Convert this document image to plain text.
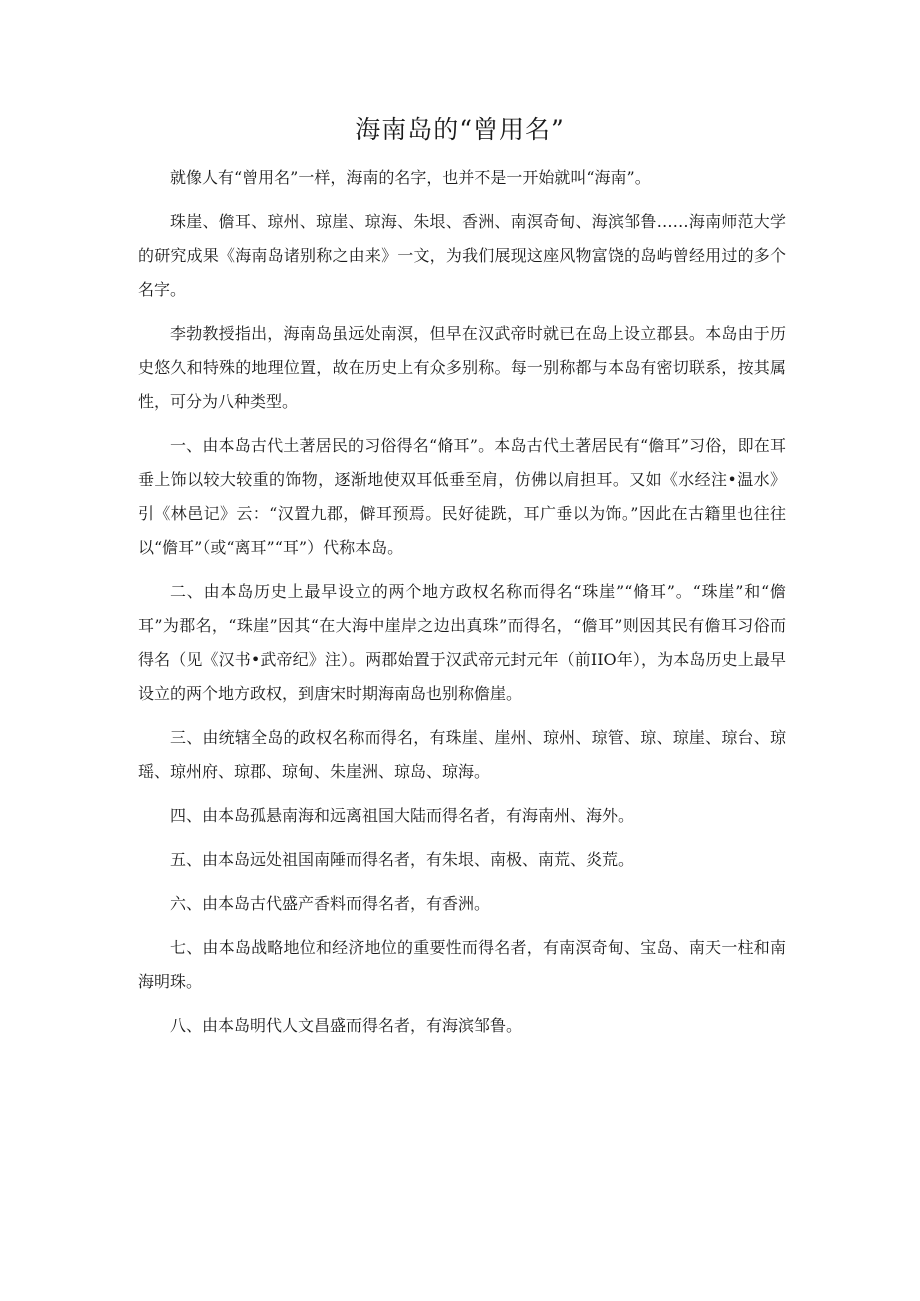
海南岛的“曾用名”

就像人有“曾用名”一样，海南的名字，也并不是一开始就叫“海南”。

珠崖、儋耳、琼州、琼崖、琼海、朱垠、香洲、南溟奇甸、海滨邹鲁……海南师范大学的研究成果《海南岛诸别称之由来》一文，为我们展现这座风物富饶的岛屿曾经用过的多个名字。

李勃教授指出，海南岛虽远处南溟，但早在汉武帝时就已在岛上设立郡县。本岛由于历史悠久和特殊的地理位置，故在历史上有众多别称。每一别称都与本岛有密切联系，按其属性，可分为八种类型。

一、由本岛古代土著居民的习俗得名“脩耳”。本岛古代土著居民有“儋耳”习俗，即在耳垂上饰以较大较重的饰物，逐渐地使双耳低垂至肩，仿佛以肩担耳。又如《水经注•温水》引《林邑记》云：“汉置九郡，僻耳预焉。民好徒跣，耳广垂以为饰。”因此在古籍里也往往以“儋耳”（或“离耳”“耳”）代称本岛。

二、由本岛历史上最早设立的两个地方政权名称而得名“珠崖”“脩耳”。“珠崖”和“儋耳”为郡名，“珠崖”因其“在大海中崖岸之边出真珠”而得名，“儋耳”则因其民有儋耳习俗而得名（见《汉书•武帝纪》注）。两郡始置于汉武帝元封元年（前IIO年），为本岛历史上最早设立的两个地方政权，到唐宋时期海南岛也别称儋崖。

三、由统辖全岛的政权名称而得名，有珠崖、崖州、琼州、琼管、琼、琼崖、琼台、琼瑶、琼州府、琼郡、琼甸、朱崖洲、琼岛、琼海。

四、由本岛孤悬南海和远离祖国大陆而得名者，有海南州、海外。

五、由本岛远处祖国南陲而得名者，有朱垠、南极、南荒、炎荒。

六、由本岛古代盛产香料而得名者，有香洲。

七、由本岛战略地位和经济地位的重要性而得名者，有南溟奇甸、宝岛、南天一柱和南海明珠。

八、由本岛明代人文昌盛而得名者，有海滨邹鲁。
